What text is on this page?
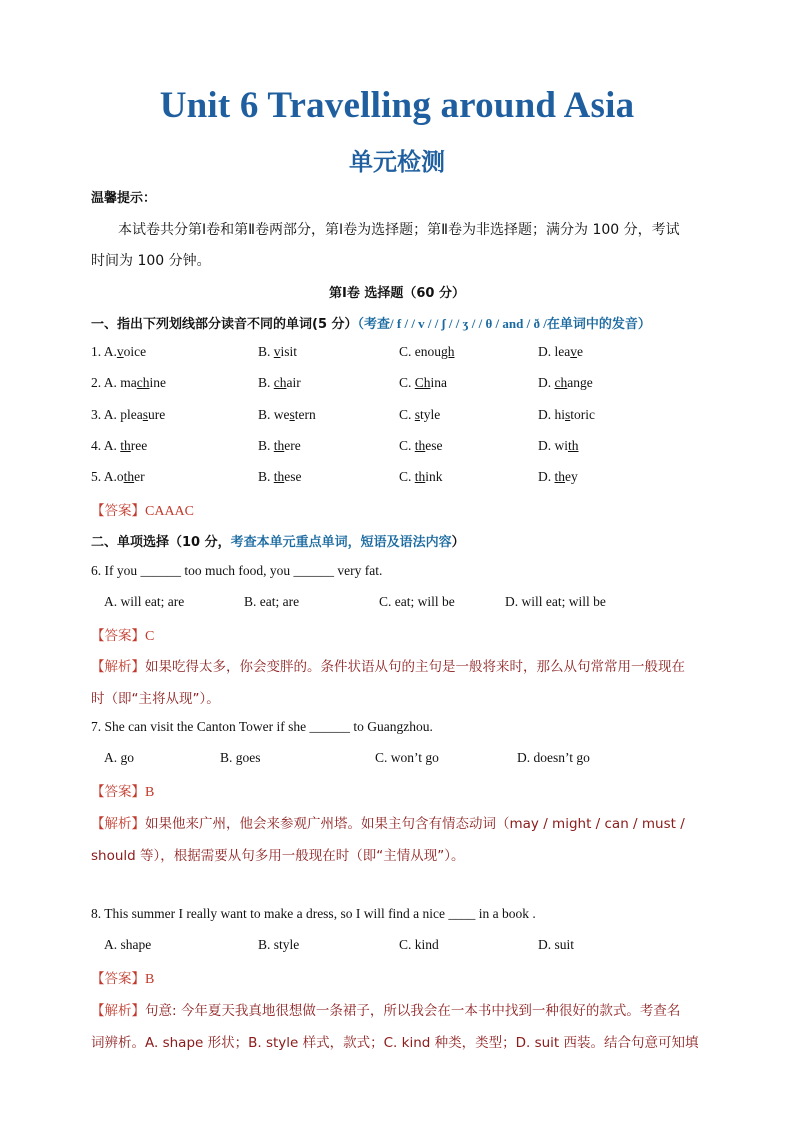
Unit 6 Travelling around Asia
单元检测
温馨提示：
本试卷共分第Ⅰ卷和第Ⅱ卷两部分，第Ⅰ卷为选择题；第Ⅱ卷为非选择题；满分为 100 分，考试
时间为 100 分钟。
第Ⅰ卷 选择题（60 分）
一、指出下列划线部分读音不同的单词(5 分）（考查/ f / / v / / ʃ / / ʒ / / θ / and / ð /在单词中的发音）
1. A.voice	B. visit	C. enough	D. leave
2. A. machine	B. chair	C. China	D. change
3. A. pleasure	B. western	C. style	D. historic
4. A. three	B. there	C. these	D. with
5. A.other	B. these	C. think	D. they
【答案】CAAAC
二、单项选择（10 分，考查本单元重点单词，短语及语法内容）
6. If you ______ too much food, you ______ very fat.
A. will eat; are	B. eat; are	C. eat; will be	D. will eat; will be
【答案】C
【解析】如果吃得太多，你会变胖的。条件状语从句的主句是一般将来时，那么从句常常用一般现在
时（即“主将从现”）。
7. She can visit the Canton Tower if she ______ to Guangzhou.
A. go	B. goes	C. won’t go	D. doesn’t go
【答案】B
【解析】如果他来广州，他会来参观广州塔。如果主句含有情态动词（may / might / can / must /
should 等），根据需要从句多用一般现在时（即“主情从现”）。
8. This summer I really want to make a dress, so I will find a nice ____ in a book .
A. shape	B. style	C. kind	D. suit
【答案】B
【解析】句意: 今年夏天我真地很想做一条裙子，所以我会在一本书中找到一种很好的款式。考查名
词辨析。A. shape 形状；B. style 样式，款式；C. kind 种类，类型；D. suit 西装。结合句意可知填
